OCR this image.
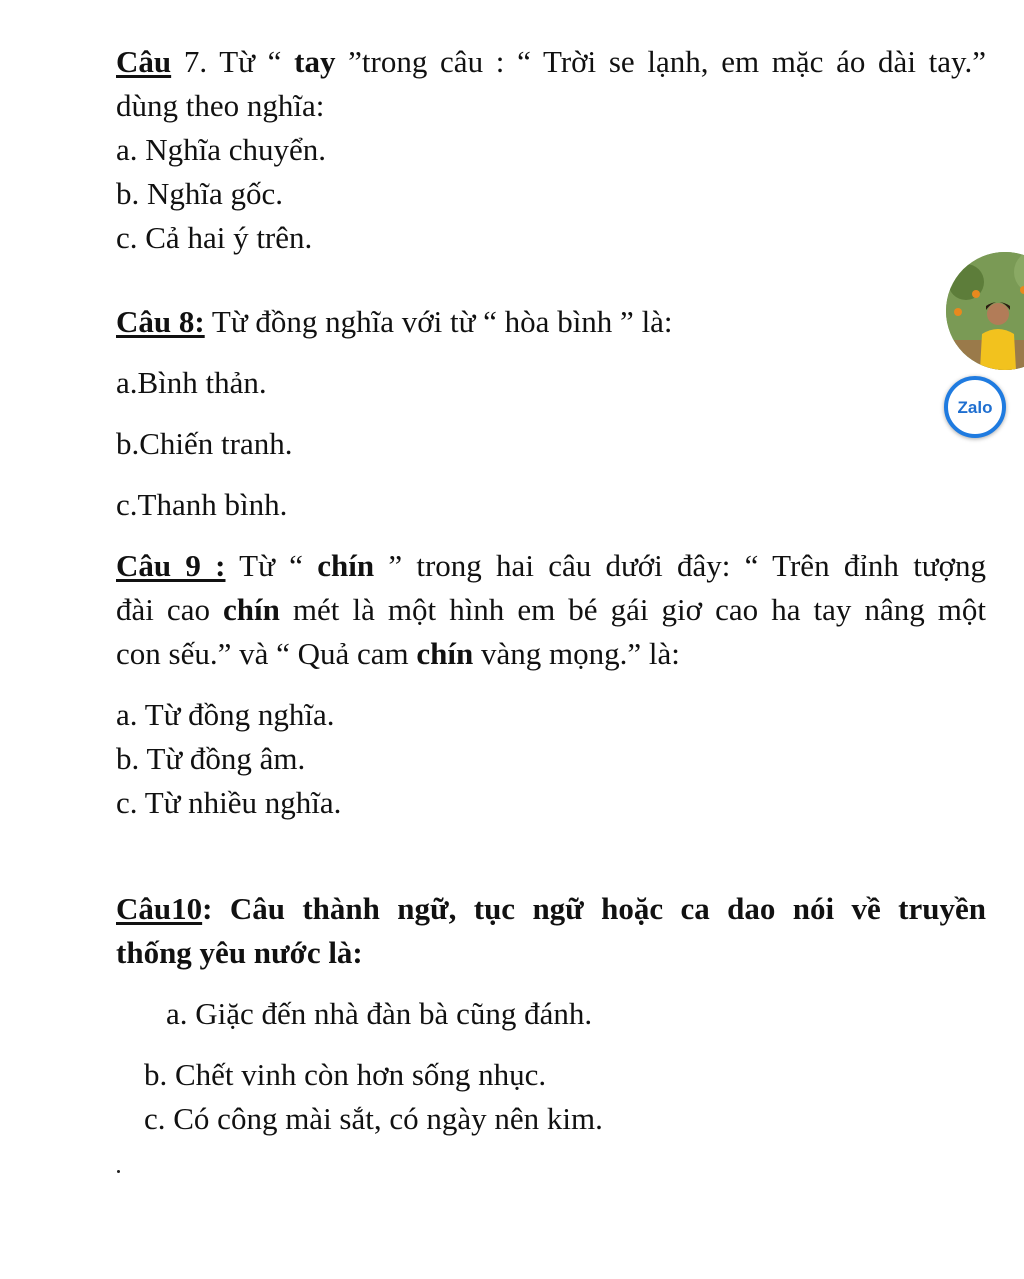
Câu 7. Từ “ tay ”trong câu : “ Trời se lạnh, em mặc áo dài tay.”

dùng theo nghĩa:

a. Nghĩa chuyển.

b. Nghĩa gốc.

c. Cả hai ý trên.

Câu 8: Từ đồng nghĩa với từ “ hòa bình ” là:

a.Bình thản.

b.Chiến tranh.

c.Thanh bình.

Câu 9 : Từ “ chín ” trong hai câu dưới đây: “ Trên đỉnh tượng

đài cao chín mét là một hình em bé gái giơ cao ha tay nâng một

con sếu.” và “ Quả cam chín vàng mọng.” là:

a. Từ đồng nghĩa.

b. Từ đồng âm.

c. Từ nhiều nghĩa.

Câu10: Câu thành ngữ, tục ngữ hoặc ca dao nói về truyền

thống yêu nước là:

a. Giặc đến nhà đàn bà cũng đánh.

b. Chết vinh còn hơn sống nhục.

c. Có công mài sắt, có ngày nên kim.

Zalo
